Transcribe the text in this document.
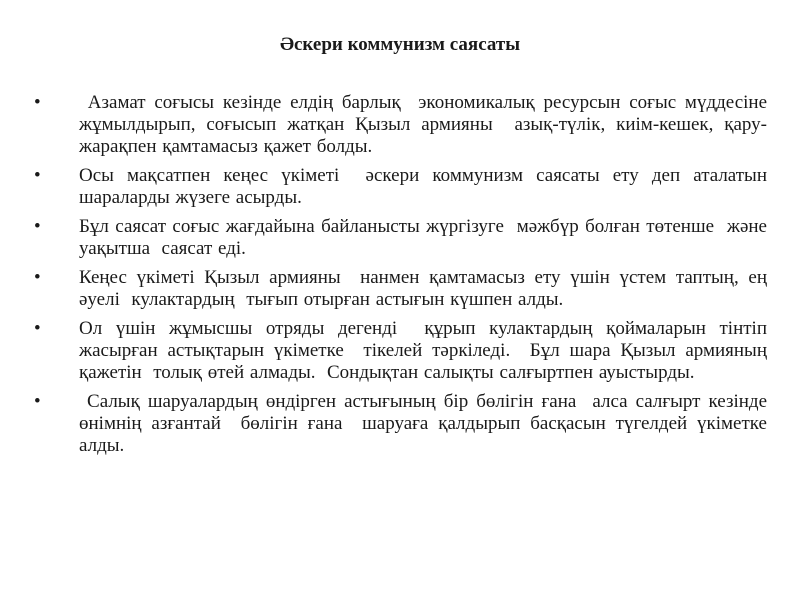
Әскери коммунизм саясаты
• Азамат соғысы кезінде елдің барлық  экономикалық ресурсын соғыс мүддесіне  жұмылдырып, соғысып жатқан Қызыл армияны  азық-түлік, киім-кешек, қару-жарақпен қамтамасыз қажет болды.
• Осы мақсатпен кеңес үкіметі  әскери коммунизм саясаты ету деп аталатын шараларды жүзеге асырды.
• Бұл саясат соғыс жағдайына байланысты жүргізуге  мәжбүр болған төтенше  және уақытша  саясат еді.
• Кеңес үкіметі Қызыл армияны  нанмен қамтамасыз ету үшін үстем таптың, ең әуелі  кулактардың  тығып отырған астығын күшпен алды.
• Ол үшін жұмысшы отряды дегенді  құрып кулактардың қоймаларын тінтіп жасырған астықтарын үкіметке  тікелей тәркіледі.  Бұл шара Қызыл армияның қажетін  толық өтей алмады.  Сондықтан салықты салғыртпен ауыстырды.
• Салық шаруалардың өндірген астығының бір бөлігін ғана  алса салғырт кезінде  өнімнің азғантай  бөлігін ғана  шаруаға қалдырып басқасын түгелдей үкіметке алды.
